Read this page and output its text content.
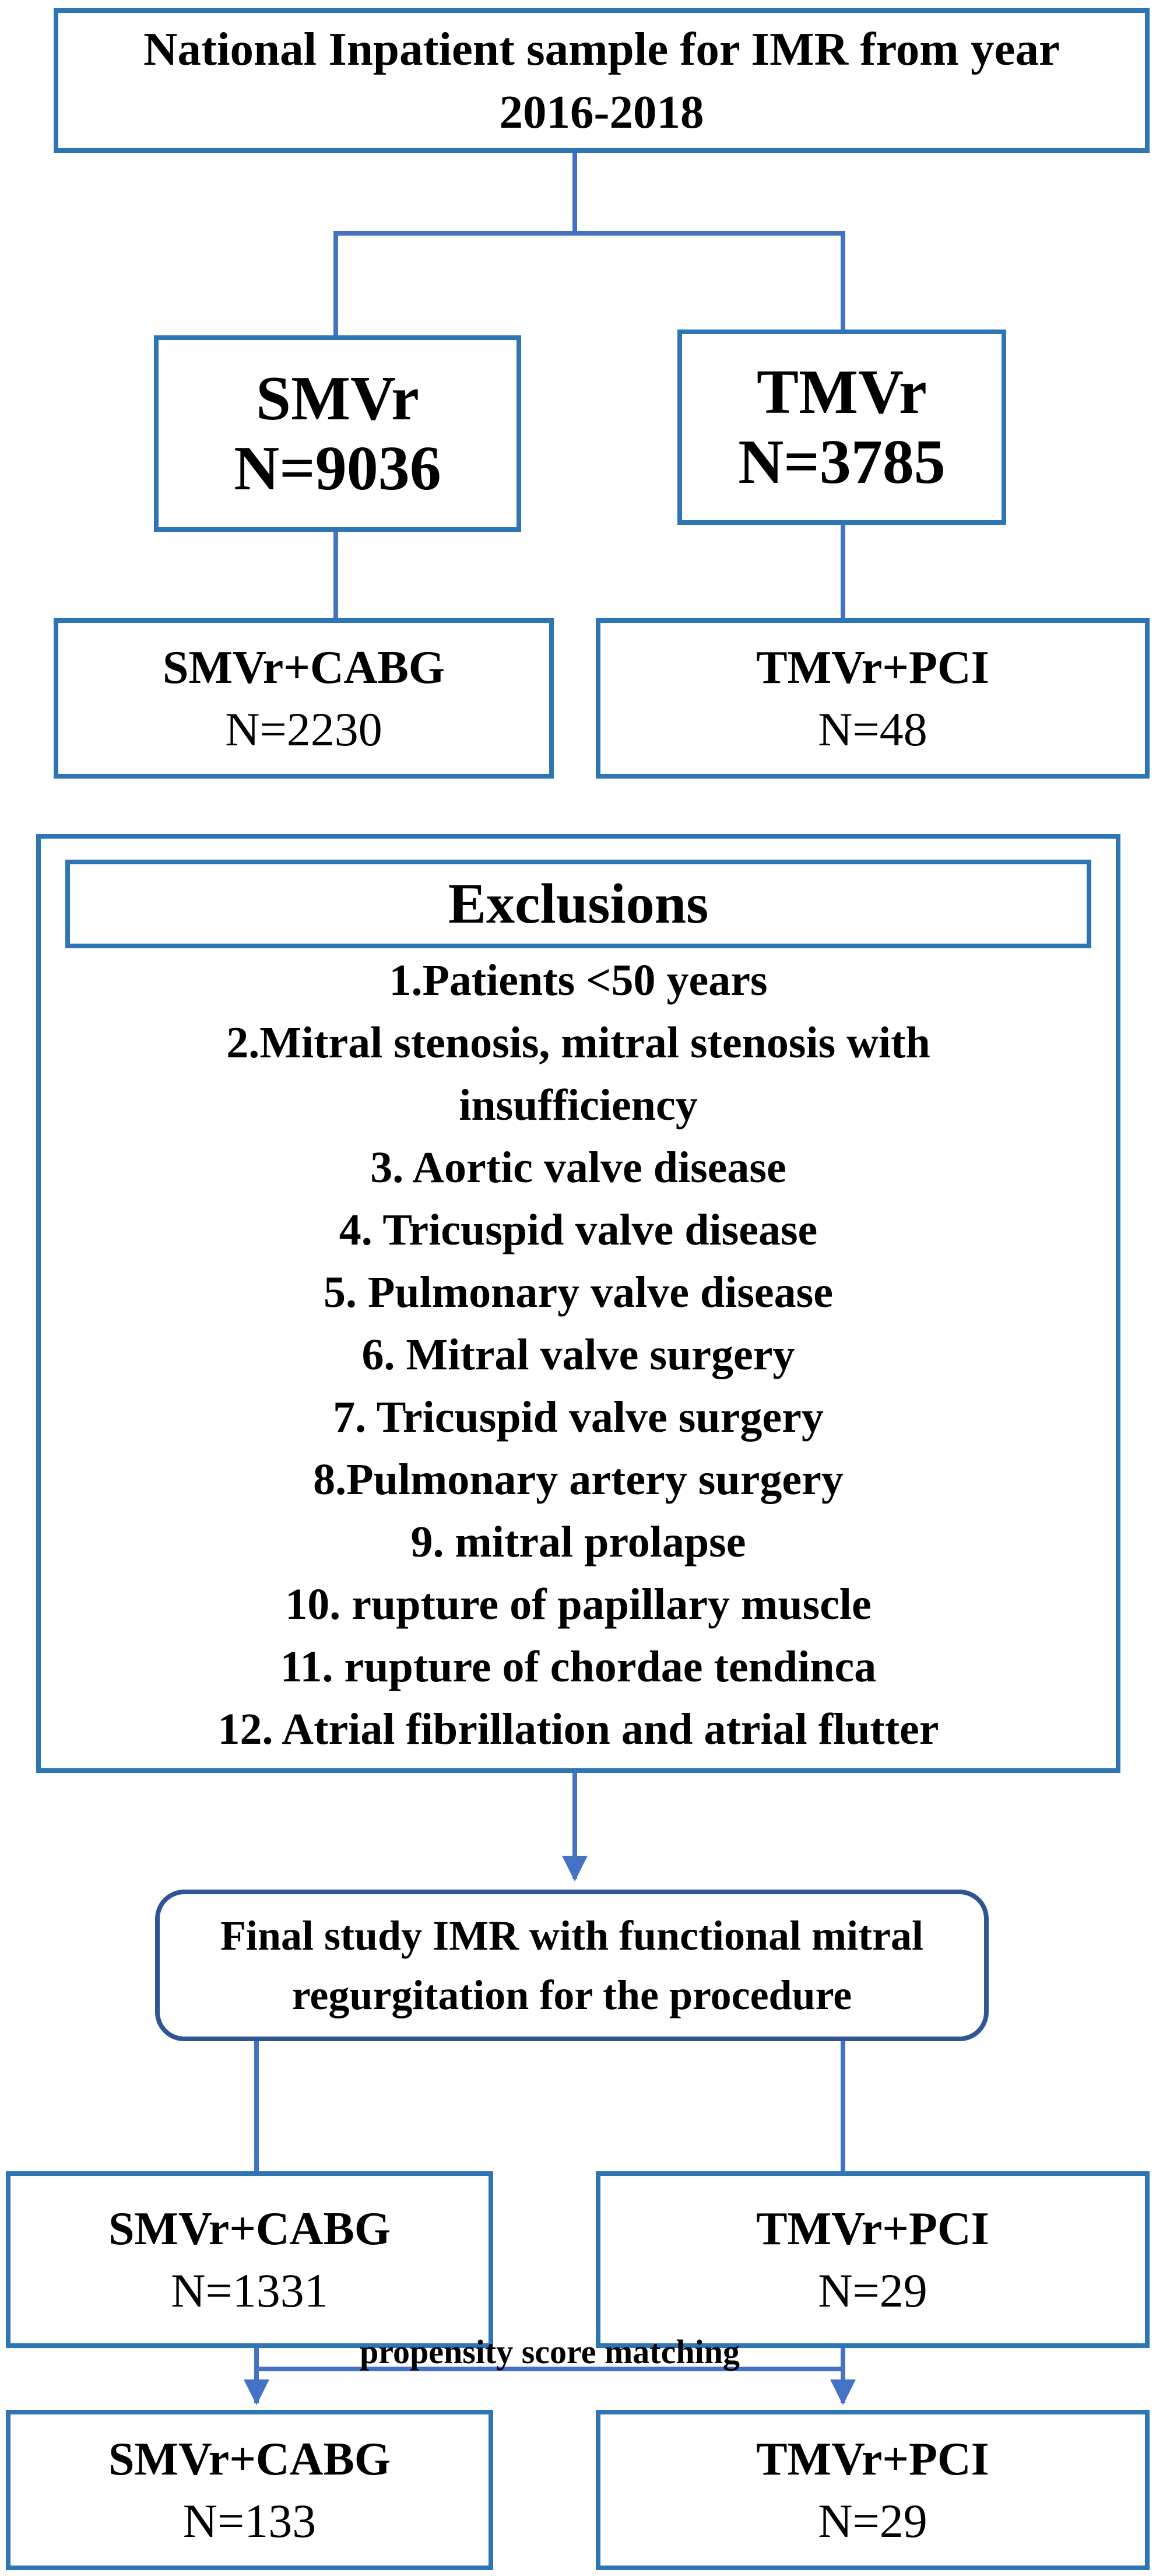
National Inpatient sample for IMR from year
2016-2018
SMVr
N=9036
TMVr
N=3785
SMVr+CABG
N=2230
TMVr+PCI
N=48
Exclusions
1.Patients <50 years
2.Mitral stenosis, mitral stenosis with
insufficiency
3. Aortic valve disease
4. Tricuspid valve disease
5. Pulmonary valve disease
6. Mitral valve surgery
7. Tricuspid valve surgery
8.Pulmonary artery surgery
9. mitral prolapse
10. rupture of papillary muscle
11. rupture of chordae tendinca
12. Atrial fibrillation and atrial flutter
Final study IMR with functional mitral
regurgitation for the procedure
SMVr+CABG
N=1331
TMVr+PCI
N=29
propensity score matching
SMVr+CABG
N=133
TMVr+PCI
N=29
